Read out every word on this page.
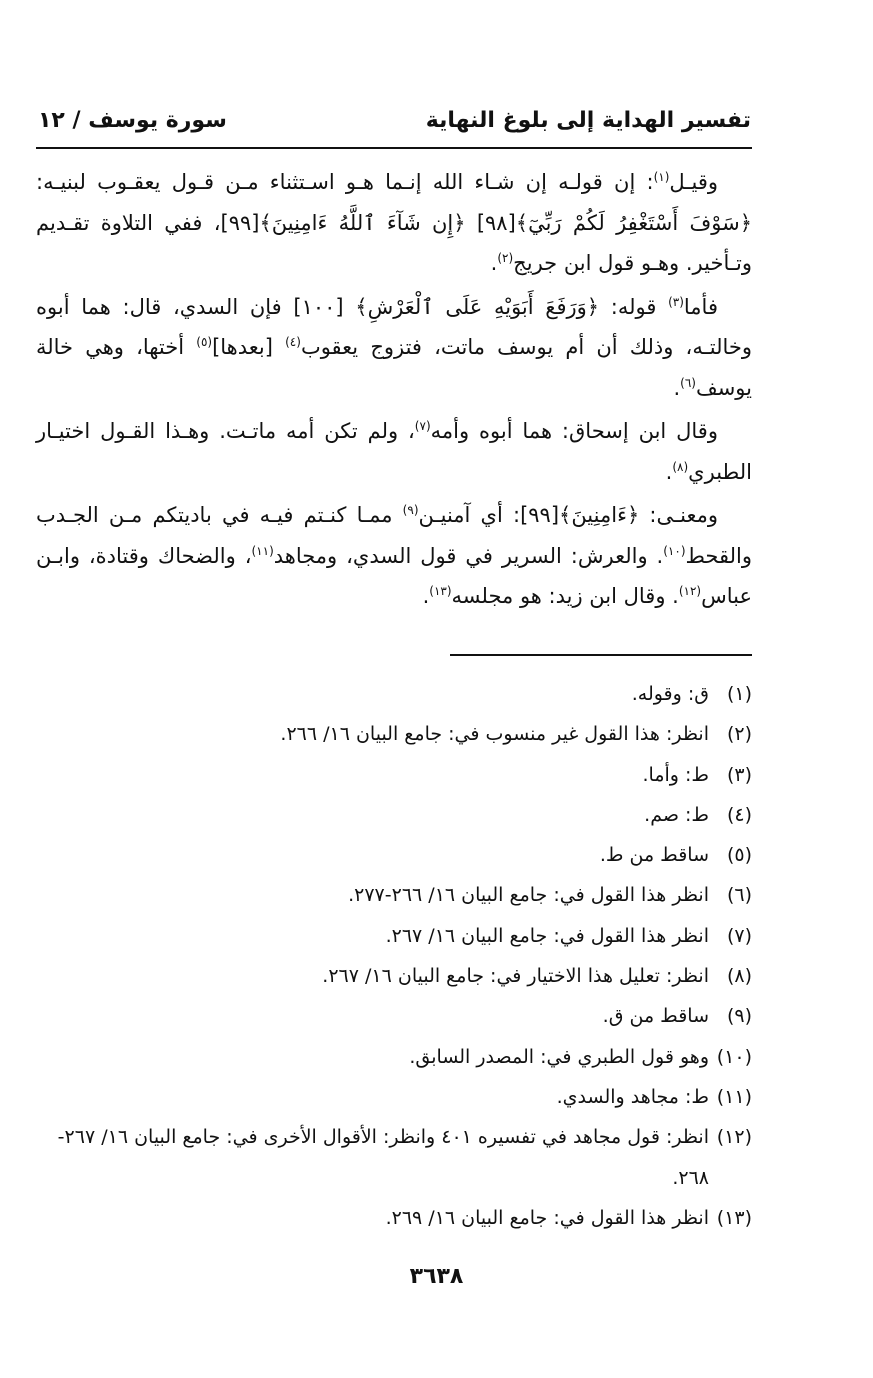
تفسير الهداية إلى بلوغ النهاية
سورة يوسف / ١٢

وقيـل$^{(١)}$: إن قولـه إن شـاء الله إنـما هـو اسـتثناء مـن قـول يعقـوب لبنيـه: ﴿سَوْفَ أَسْتَغْفِرُ لَكُمْ رَبِّيٓ﴾[٩٨] ﴿إِن شَآءَ ٱللَّهُ ءَامِنِينَ﴾[٩٩]، ففي التلاوة تقـديم وتـأخير. وهـو قول ابن جريج$^{(٢)}$.

فأما$^{(٣)}$ قوله: ﴿وَرَفَعَ أَبَوَيْهِ عَلَى ٱلْعَرْشِ﴾ [١٠٠] فإن السدي، قال: هما أبوه وخالتـه، وذلك أن أم يوسف ماتت، فتزوج يعقوب$^{(٤)}$ [بعدها]$^{(٥)}$ أختها، وهي خالة يوسف$^{(٦)}$.

وقال ابن إسحاق: هما أبوه وأمه$^{(٧)}$، ولم تكن أمه ماتـت. وهـذا القـول اختيـار الطبري$^{(٨)}$.

ومعنـى: ﴿ءَامِنِينَ﴾[٩٩]: أي آمنيـن$^{(٩)}$ ممـا كنـتم فيـه في باديتكم مـن الجـدب والقحط$^{(١٠)}$. والعرش: السرير في قول السدي، ومجاهد$^{(١١)}$، والضحاك وقتادة، وابـن عباس$^{(١٢)}$. وقال ابن زيد: هو مجلسه$^{(١٣)}$.

(١)
ق: وقوله.
(٢)
انظر: هذا القول غير منسوب في: جامع البيان ١٦/ ٢٦٦.
(٣)
ط: وأما.
(٤)
ط: صم.
(٥)
ساقط من ط.
(٦)
انظر هذا القول في: جامع البيان ١٦/ ٢٦٦-٢٧٧.
(٧)
انظر هذا القول في: جامع البيان ١٦/ ٢٦٧.
(٨)
انظر: تعليل هذا الاختيار في: جامع البيان ١٦/ ٢٦٧.
(٩)
ساقط من ق.
(١٠)
وهو قول الطبري في: المصدر السابق.
(١١)
ط: مجاهد والسدي.
(١٢)
انظر: قول مجاهد في تفسيره ٤٠١ وانظر: الأقوال الأخرى في: جامع البيان ١٦/ ٢٦٧- ٢٦٨.
(١٣)
انظر هذا القول في: جامع البيان ١٦/ ٢٦٩.
٣٦٣٨
